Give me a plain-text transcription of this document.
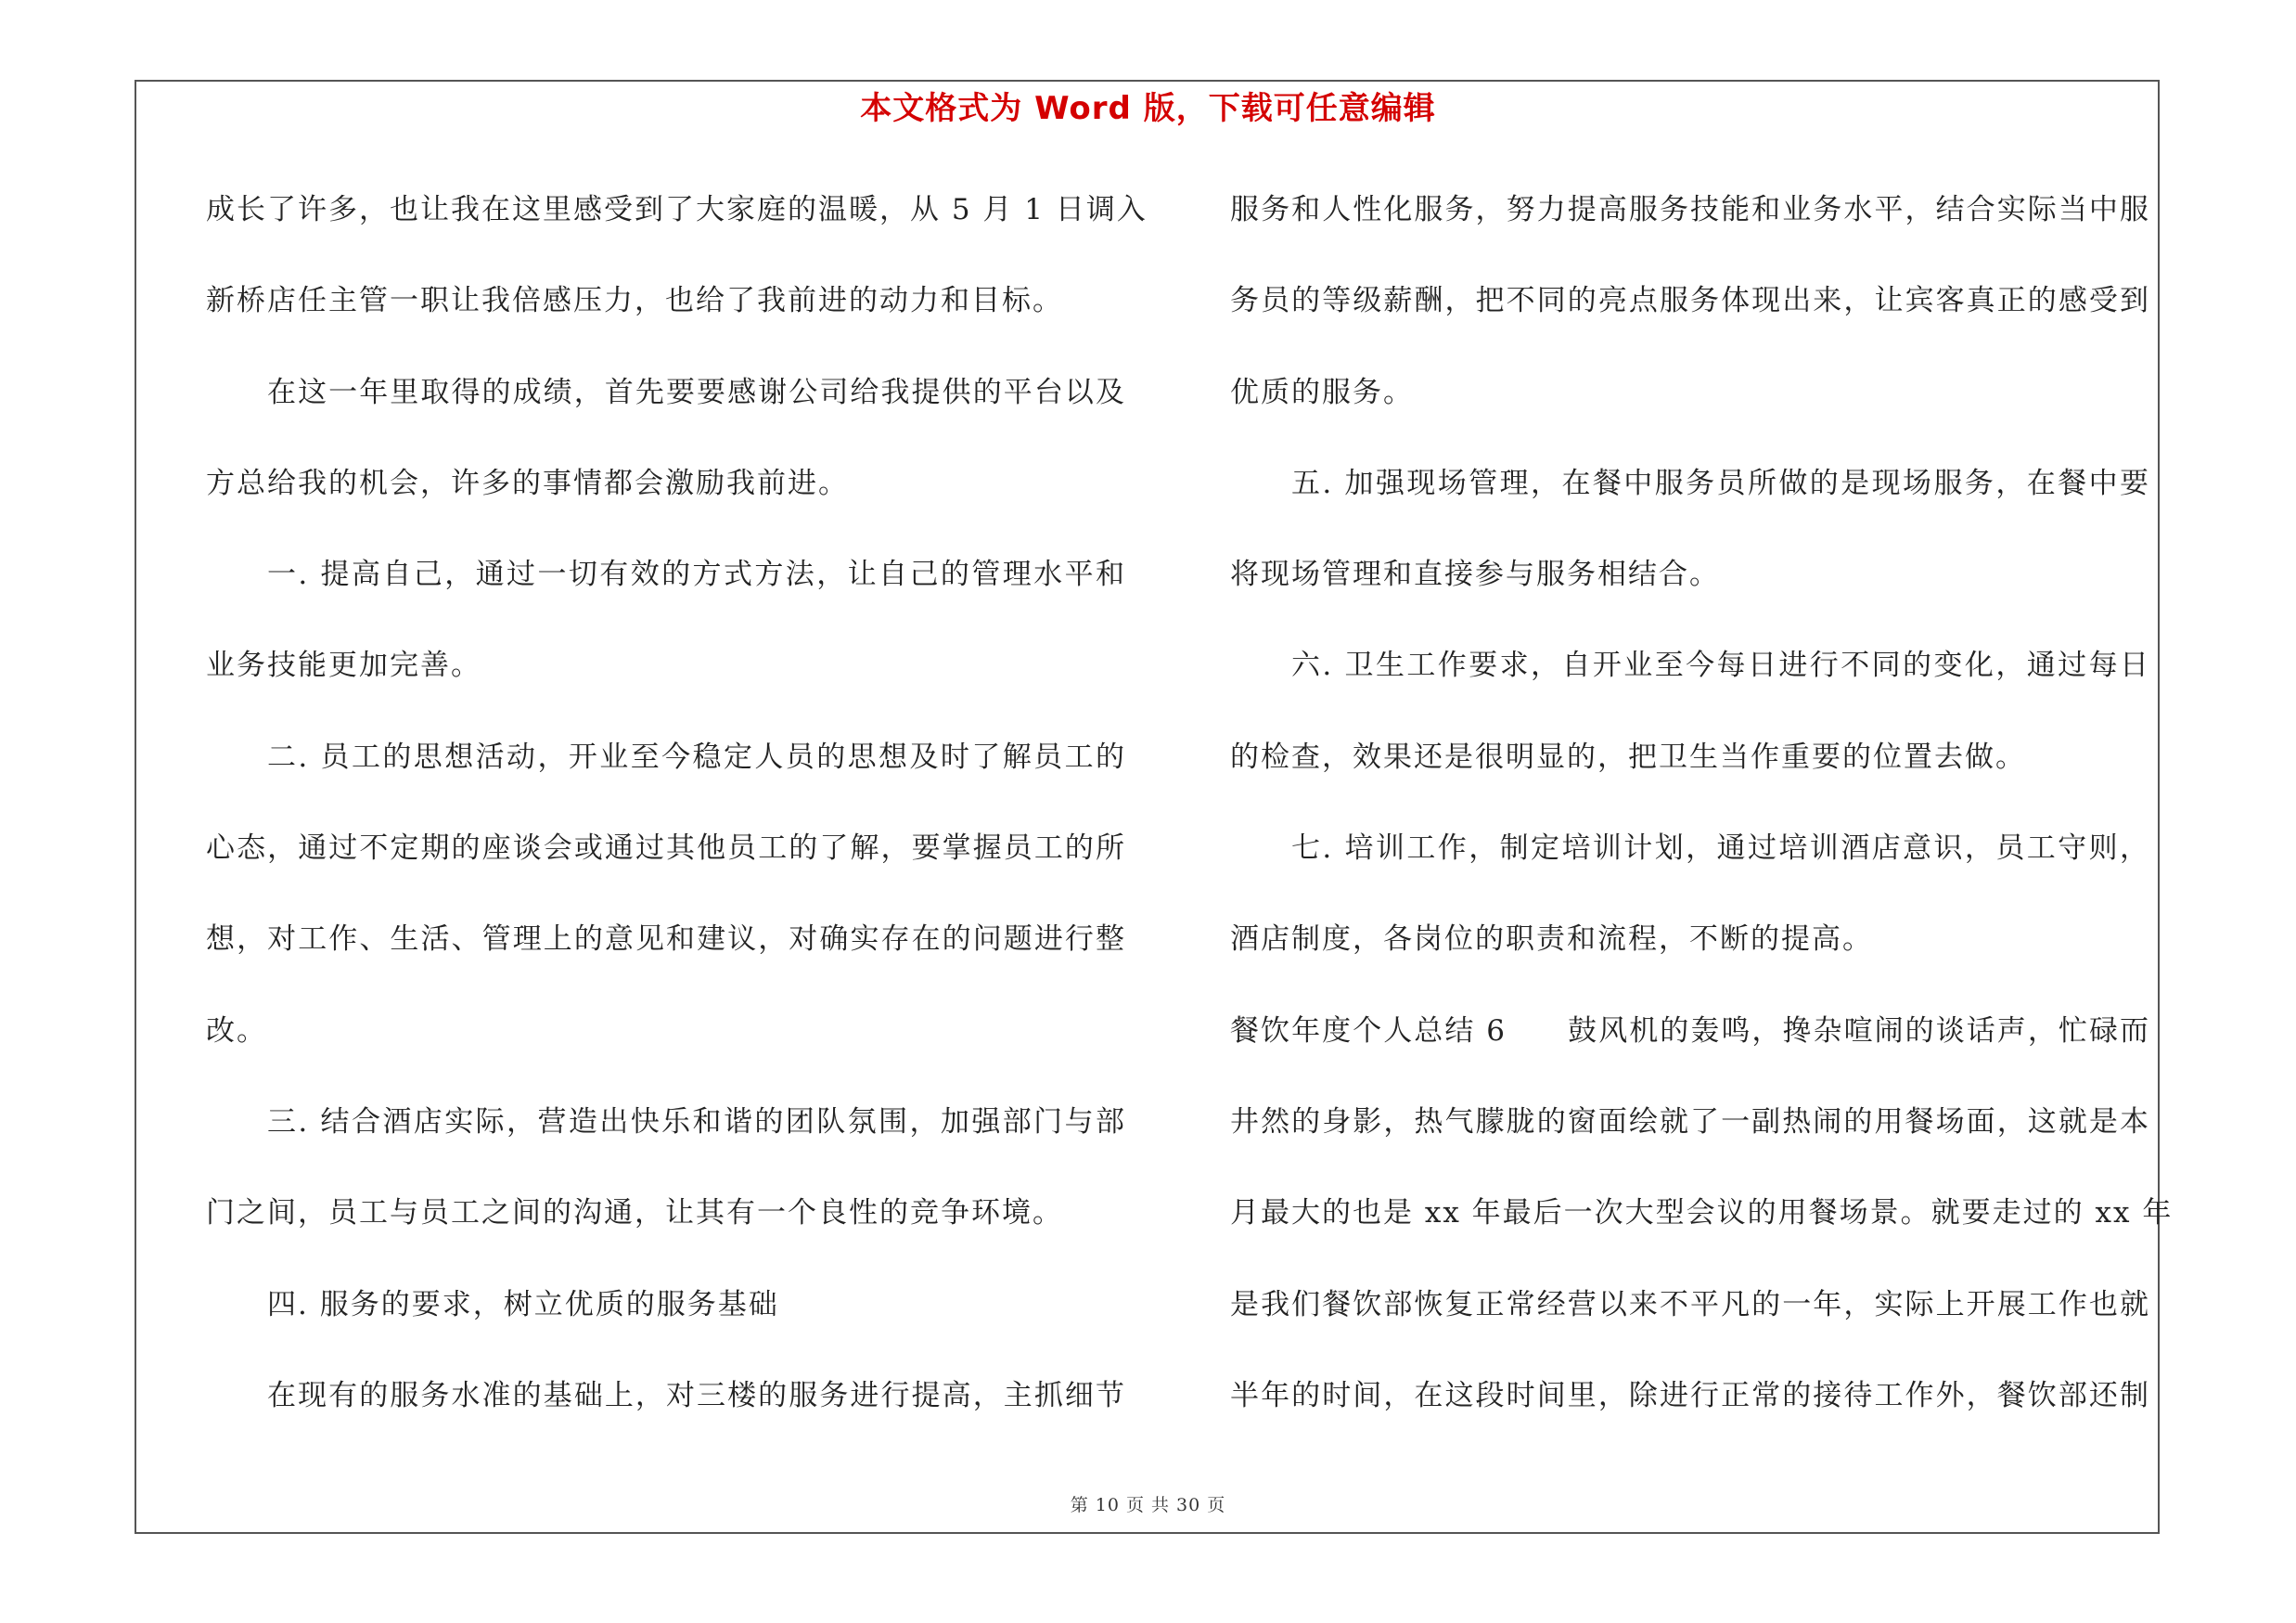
本文格式为 Word 版，下载可任意编辑
成长了许多，也让我在这里感受到了大家庭的温暖，从 5 月 1 日调入
新桥店任主管一职让我倍感压力，也给了我前进的动力和目标。
在这一年里取得的成绩，首先要要感谢公司给我提供的平台以及
方总给我的机会，许多的事情都会激励我前进。
一. 提高自己，通过一切有效的方式方法，让自己的管理水平和
业务技能更加完善。
二. 员工的思想活动，开业至今稳定人员的思想及时了解员工的
心态，通过不定期的座谈会或通过其他员工的了解，要掌握员工的所
想，对工作、生活、管理上的意见和建议，对确实存在的问题进行整
改。
三. 结合酒店实际，营造出快乐和谐的团队氛围，加强部门与部
门之间，员工与员工之间的沟通，让其有一个良性的竞争环境。
四. 服务的要求，树立优质的服务基础
在现有的服务水准的基础上，对三楼的服务进行提高，主抓细节
服务和人性化服务，努力提高服务技能和业务水平，结合实际当中服
务员的等级薪酬，把不同的亮点服务体现出来，让宾客真正的感受到
优质的服务。
五. 加强现场管理，在餐中服务员所做的是现场服务，在餐中要
将现场管理和直接参与服务相结合。
六. 卫生工作要求，自开业至今每日进行不同的变化，通过每日
的检查，效果还是很明显的，把卫生当作重要的位置去做。
七. 培训工作，制定培训计划，通过培训酒店意识，员工守则，
酒店制度，各岗位的职责和流程，不断的提高。
餐饮年度个人总结 6　　鼓风机的轰鸣，搀杂喧闹的谈话声，忙碌而
井然的身影，热气朦胧的窗面绘就了一副热闹的用餐场面，这就是本
月最大的也是 xx 年最后一次大型会议的用餐场景。就要走过的 xx 年
是我们餐饮部恢复正常经营以来不平凡的一年，实际上开展工作也就
半年的时间，在这段时间里，除进行正常的接待工作外，餐饮部还制
第 10 页 共 30 页
